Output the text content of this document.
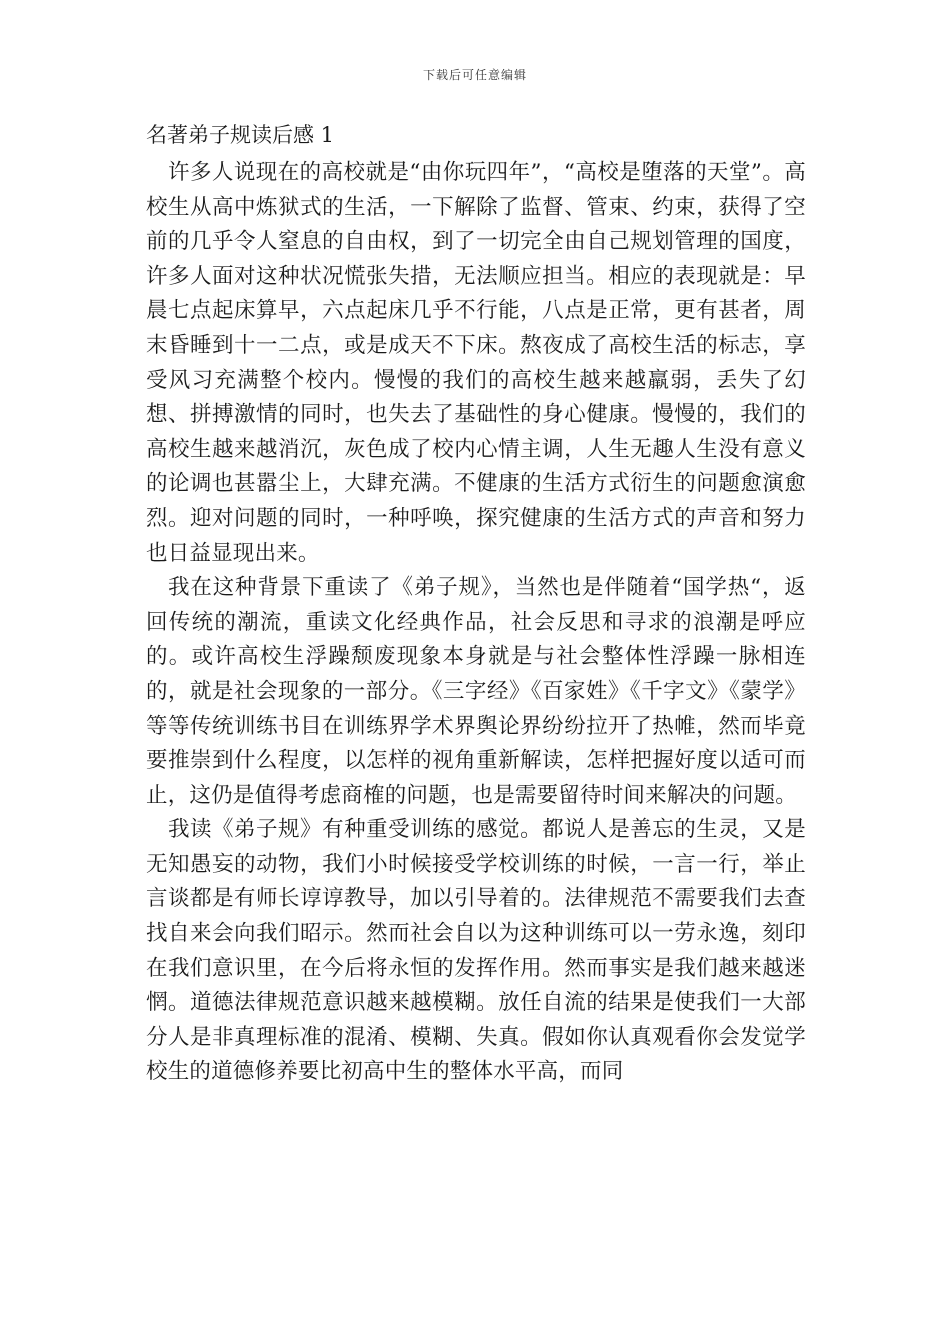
下载后可任意编辑
名著弟子规读后感 1

许多人说现在的高校就是“由你玩四年”，“高校是堕落的天堂”。高校生从高中炼狱式的生活，一下解除了监督、管束、约束，获得了空前的几乎令人窒息的自由权，到了一切完全由自己规划管理的国度，许多人面对这种状况慌张失措，无法顺应担当。相应的表现就是：早晨七点起床算早，六点起床几乎不行能，八点是正常，更有甚者，周末昏睡到十一二点，或是成天不下床。熬夜成了高校生活的标志，享受风习充满整个校内。慢慢的我们的高校生越来越羸弱，丢失了幻想、拼搏激情的同时，也失去了基础性的身心健康。慢慢的，我们的高校生越来越消沉，灰色成了校内心情主调，人生无趣人生没有意义的论调也甚嚣尘上，大肆充满。不健康的生活方式衍生的问题愈演愈烈。迎对问题的同时，一种呼唤，探究健康的生活方式的声音和努力也日益显现出来。

我在这种背景下重读了《弟子规》，当然也是伴随着“国学热“，返回传统的潮流，重读文化经典作品，社会反思和寻求的浪潮是呼应的。或许高校生浮躁颓废现象本身就是与社会整体性浮躁一脉相连的，就是社会现象的一部分。《三字经》《百家姓》《千字文》《蒙学》等等传统训练书目在训练界学术界舆论界纷纷拉开了热帷，然而毕竟要推崇到什么程度，以怎样的视角重新解读，怎样把握好度以适可而止，这仍是值得考虑商榷的问题，也是需要留待时间来解决的问题。

我读《弟子规》有种重受训练的感觉。都说人是善忘的生灵，又是无知愚妄的动物，我们小时候接受学校训练的时候，一言一行，举止言谈都是有师长谆谆教导，加以引导着的。法律规范不需要我们去查找自来会向我们昭示。然而社会自以为这种训练可以一劳永逸，刻印在我们意识里，在今后将永恒的发挥作用。然而事实是我们越来越迷惘。道德法律规范意识越来越模糊。放任自流的结果是使我们一大部分人是非真理标准的混淆、模糊、失真。假如你认真观看你会发觉学校生的道德修养要比初高中生的整体水平高，而同
